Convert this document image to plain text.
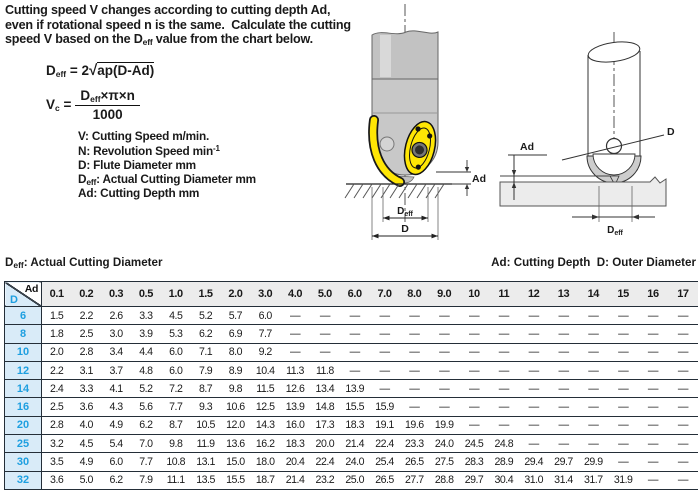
Cutting speed V changes according to cutting depth Ad,
even if rotational speed n is the same.  Calculate the cutting
speed V based on the $D_{eff}$ value from the chart below.
$D_{eff} = 2√ap(D-Ad)$
$V_c = \frac{D_{eff}\times\pi\times n}{1000}$
V: Cutting Speed m/min.
N: Revolution Speed $\min^{-1}$
D: Flute Diameter mm
$D_{eff}$: Actual Cutting Diameter mm
Ad: Cutting Depth mm
Ad
$D_{eff}$
D
D
Ad
$D_{eff}$
$D_{eff}$: Actual Cutting Diameter	Ad: Cutting Depth  D: Outer Diameter
Ad
D	0.1	0.2	0.3	0.5	1.0	1.5	2.0	3.0	4.0	5.0	6.0	7.0	8.0	9.0	10	11	12	13	14	15	16	17
6	1.5	2.2	2.6	3.3	4.5	5.2	5.7	6.0	—	—	—	—	—	—	—	—	—	—	—	—	—	—
8	1.8	2.5	3.0	3.9	5.3	6.2	6.9	7.7	—	—	—	—	—	—	—	—	—	—	—	—	—	—
10	2.0	2.8	3.4	4.4	6.0	7.1	8.0	9.2	—	—	—	—	—	—	—	—	—	—	—	—	—	—
12	2.2	3.1	3.7	4.8	6.0	7.9	8.9	10.4	11.3	11.8	—	—	—	—	—	—	—	—	—	—	—	—
14	2.4	3.3	4.1	5.2	7.2	8.7	9.8	11.5	12.6	13.4	13.9	—	—	—	—	—	—	—	—	—	—	—
16	2.5	3.6	4.3	5.6	7.7	9.3	10.6	12.5	13.9	14.8	15.5	15.9	—	—	—	—	—	—	—	—	—	—
20	2.8	4.0	4.9	6.2	8.7	10.5	12.0	14.3	16.0	17.3	18.3	19.1	19.6	19.9	—	—	—	—	—	—	—	—
25	3.2	4.5	5.4	7.0	9.8	11.9	13.6	16.2	18.3	20.0	21.4	22.4	23.3	24.0	24.5	24.8	—	—	—	—	—	—
30	3.5	4.9	6.0	7.7	10.8	13.1	15.0	18.0	20.4	22.4	24.0	25.4	26.5	27.5	28.3	28.9	29.4	29.7	29.9	—	—	—
32	3.6	5.0	6.2	7.9	11.1	13.5	15.5	18.7	21.4	23.2	25.0	26.5	27.7	28.8	29.7	30.4	31.0	31.4	31.7	31.9	—	—
